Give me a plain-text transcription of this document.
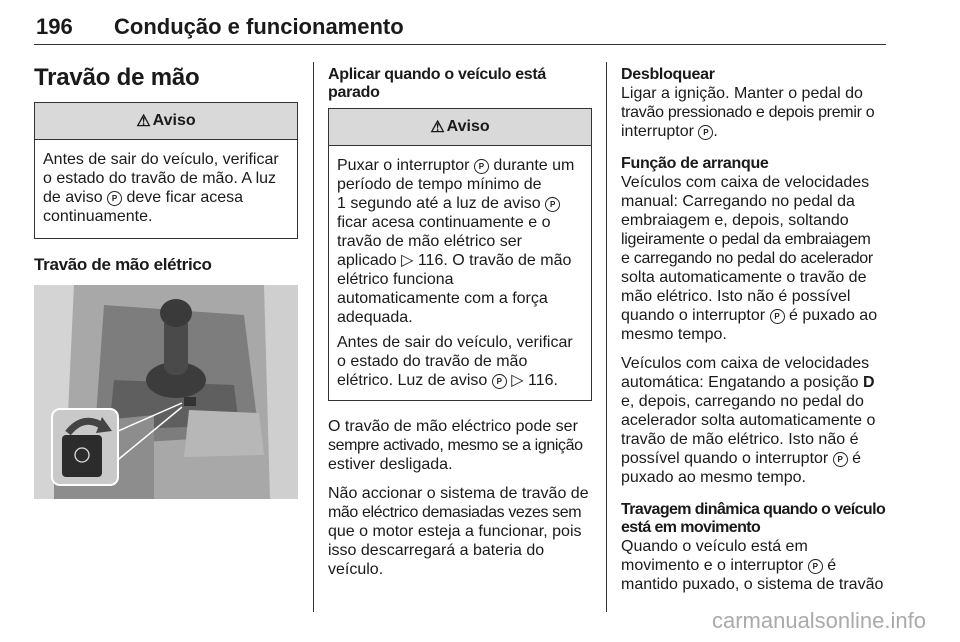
196 Condução e funcionamento
Travão de mão
⚠ Aviso
Antes de sair do veículo, verificar
o estado do travão de mão. A luz
de aviso P deve ficar acesa
continuamente.
Travão de mão elétrico
Aplicar quando o veículo está parado
⚠ Aviso
Puxar o interruptor P durante um
período de tempo mínimo de
1 segundo até a luz de aviso P
ficar acesa continuamente e o
travão de mão elétrico ser
aplicado ▷ 116. O travão de mão
elétrico funciona
automaticamente com a força
adequada.
Antes de sair do veículo, verificar
o estado do travão de mão
elétrico. Luz de aviso P ▷ 116.
O travão de mão eléctrico pode ser
sempre activado, mesmo se a ignição
estiver desligada.
Não accionar o sistema de travão de
mão eléctrico demasiadas vezes sem
que o motor esteja a funcionar, pois
isso descarregará a bateria do
veículo.
Desbloquear
Ligar a ignição. Manter o pedal do
travão pressionado e depois premir o
interruptor P .
Função de arranque
Veículos com caixa de velocidades
manual: Carregando no pedal da
embraiagem e, depois, soltando
ligeiramente o pedal da embraiagem
e carregando no pedal do acelerador
solta automaticamente o travão de
mão elétrico. Isto não é possível
quando o interruptor P é puxado ao
mesmo tempo.
Veículos com caixa de velocidades
automática: Engatando a posição D
e, depois, carregando no pedal do
acelerador solta automaticamente o
travão de mão elétrico. Isto não é
possível quando o interruptor P é
puxado ao mesmo tempo.
Travagem dinâmica quando o veículo
está em movimento
Quando o veículo está em
movimento e o interruptor P é
mantido puxado, o sistema de travão
carmanualsonline.info
